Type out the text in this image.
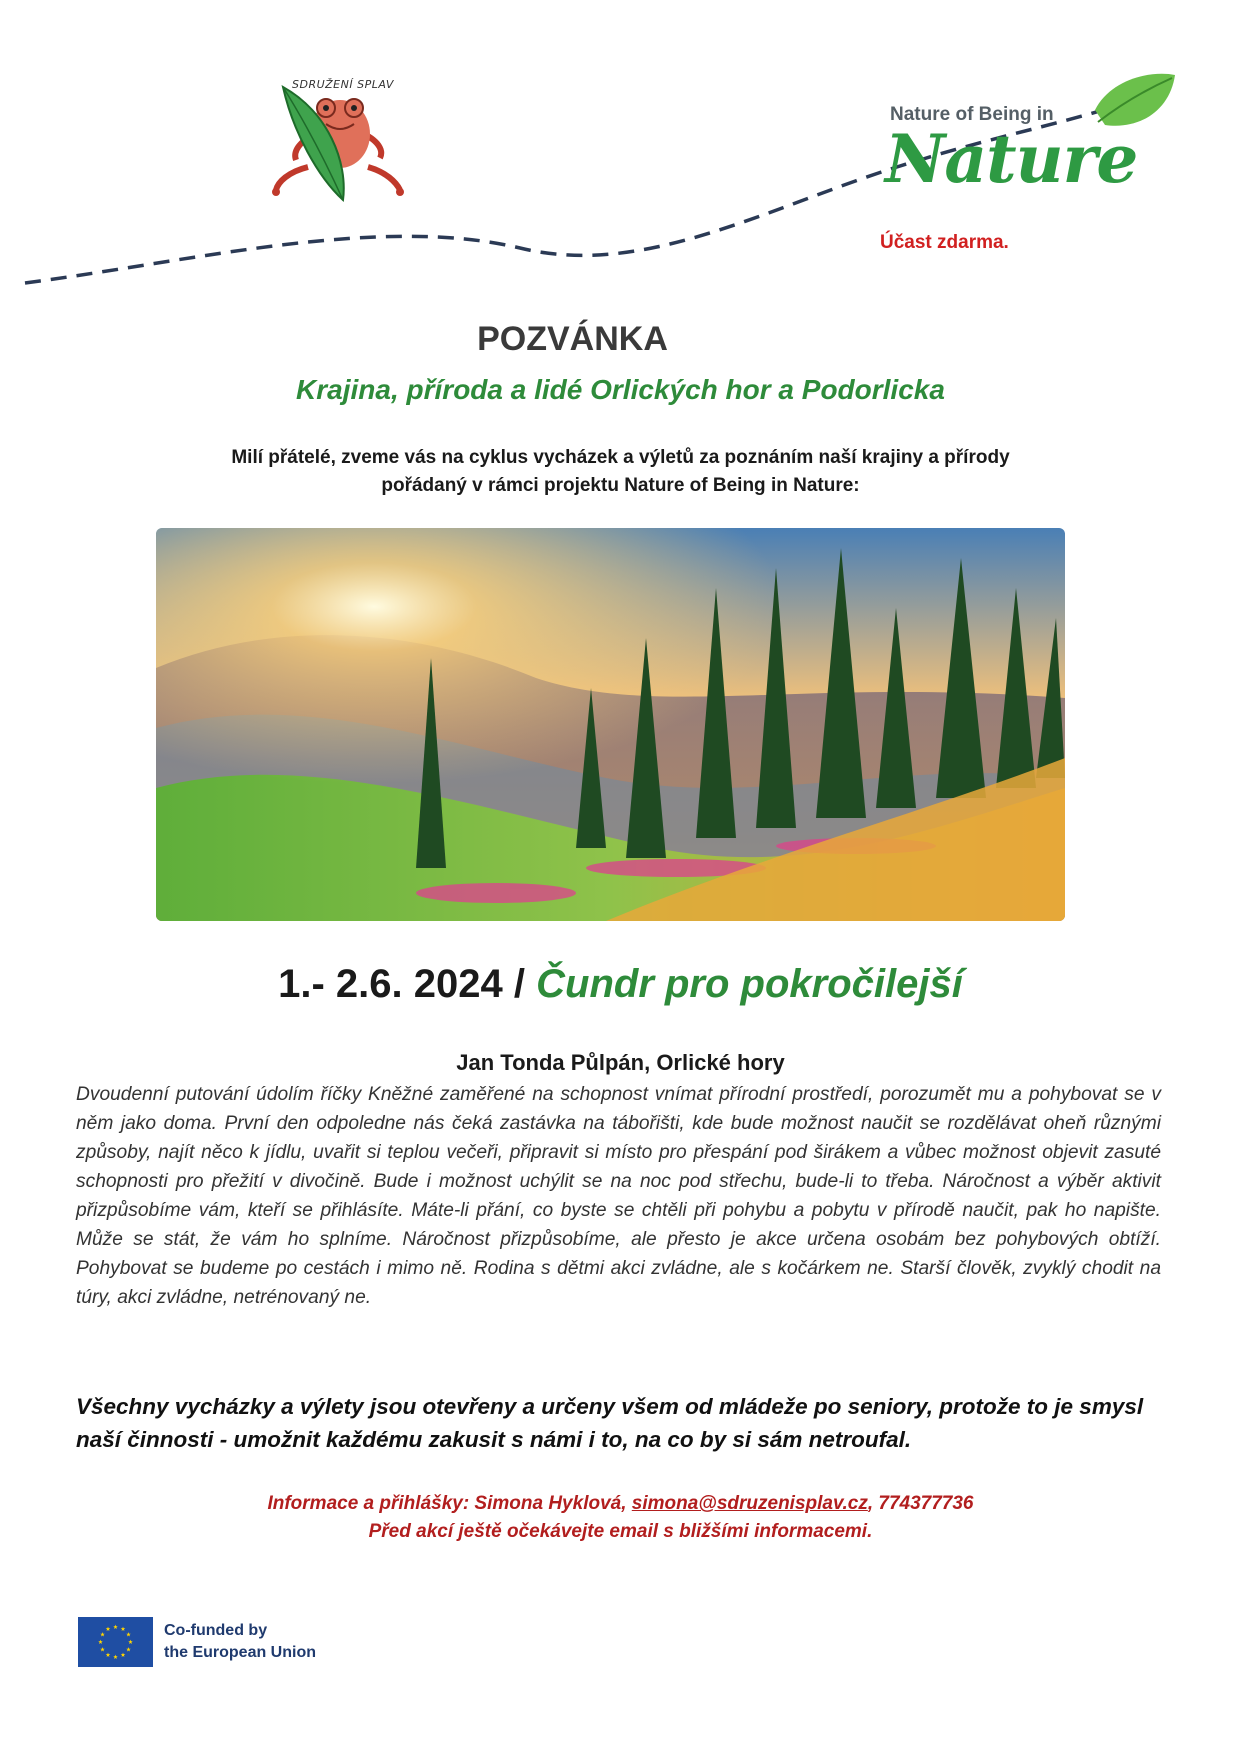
SDRUŽENÍ SPLAV
Nature of Being in
Nature
Účast zdarma.
POZVÁNKA
Krajina, příroda a lidé Orlických hor a Podorlicka
Milí přátelé, zveme vás na cyklus vycházek a výletů za poznáním naší krajiny a přírody
pořádaný v rámci projektu Nature of Being in Nature:
1.- 2.6. 2024 / Čundr pro pokročilejší
Jan Tonda Půlpán, Orlické hory
Dvoudenní putování údolím říčky Kněžné zaměřené na schopnost vnímat přírodní prostředí, porozumět mu a pohybovat se v něm jako doma. První den odpoledne nás čeká zastávka na tábořišti, kde bude možnost naučit se rozdělávat oheň různými způsoby, najít něco k jídlu, uvařit si teplou večeři, připravit si místo pro přespání pod širákem a vůbec možnost objevit zasuté schopnosti pro přežití v divočině. Bude i možnost uchýlit se na noc pod střechu, bude-li to třeba. Náročnost a výběr aktivit přizpůsobíme vám, kteří se přihlásíte. Máte-li přání, co byste se chtěli při pohybu a pobytu v přírodě naučit, pak ho napište. Může se stát, že vám ho splníme. Náročnost přizpůsobíme, ale přesto je akce určena osobám bez pohybových obtíží. Pohybovat se budeme po cestách i mimo ně. Rodina s dětmi akci zvládne, ale s kočárkem ne. Starší člověk, zvyklý chodit na túry, akci zvládne, netrénovaný ne.
Všechny vycházky a výlety jsou otevřeny a určeny všem od mládeže po seniory, protože to je smysl naší činnosti - umožnit každému zakusit s námi i to, na co by si sám netroufal.
Informace a přihlášky: Simona Hyklová, simona@sdruzenisplav.cz, 774377736
Před akcí ještě očekávejte email s bližšími informacemi.
Co-funded by
the European Union
